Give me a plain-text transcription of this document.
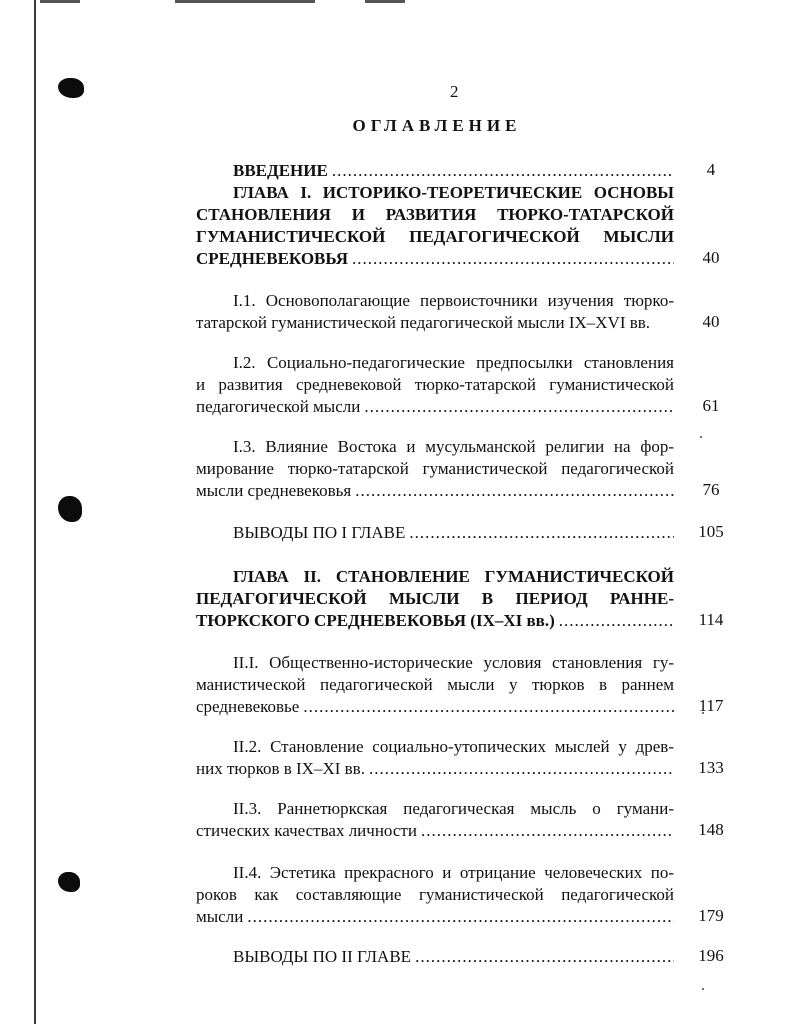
2
ОГЛАВЛЕНИЕ
ВВЕДЕНИЕ .....	4
ГЛАВА I. ИСТОРИКО-ТЕОРЕТИЧЕСКИЕ ОСНОВЫ
СТАНОВЛЕНИЯ И РАЗВИТИЯ ТЮРКО-ТАТАРСКОЙ
ГУМАНИСТИЧЕСКОЙ ПЕДАГОГИЧЕСКОЙ МЫСЛИ
СРЕДНЕВЕКОВЬЯ .....	40
I.1. Основополагающие первоисточники изучения тюрко-
татарской гуманистической педагогической мысли IX–XVI вв.	40
I.2. Социально-педагогические предпосылки становления
и развития средневековой тюрко-татарской гуманистической
педагогической мысли .....	61
I.3. Влияние Востока и мусульманской религии на фор-
мирование тюрко-татарской гуманистической педагогической
мысли средневековья .....	76
ВЫВОДЫ ПО I ГЛАВЕ .....	105
ГЛАВА II. СТАНОВЛЕНИЕ ГУМАНИСТИЧЕСКОЙ
ПЕДАГОГИЧЕСКОЙ МЫСЛИ В ПЕРИОД РАННЕ-
ТЮРКСКОГО СРЕДНЕВЕКОВЬЯ (IX–XI вв.) .....	114
II.I. Общественно-исторические условия становления гу-
манистической педагогической мысли у тюрков в раннем
средневековье .....	117
II.2. Становление социально-утопических мыслей у древ-
них тюрков в IX–XI вв. .....	133
II.3. Раннетюркская педагогическая мысль о гумани-
стических качествах личности .....	148
II.4. Эстетика прекрасного и отрицание человеческих по-
роков как составляющие гуманистической педагогической
мысли .....	179
ВЫВОДЫ ПО II ГЛАВЕ .....	196
